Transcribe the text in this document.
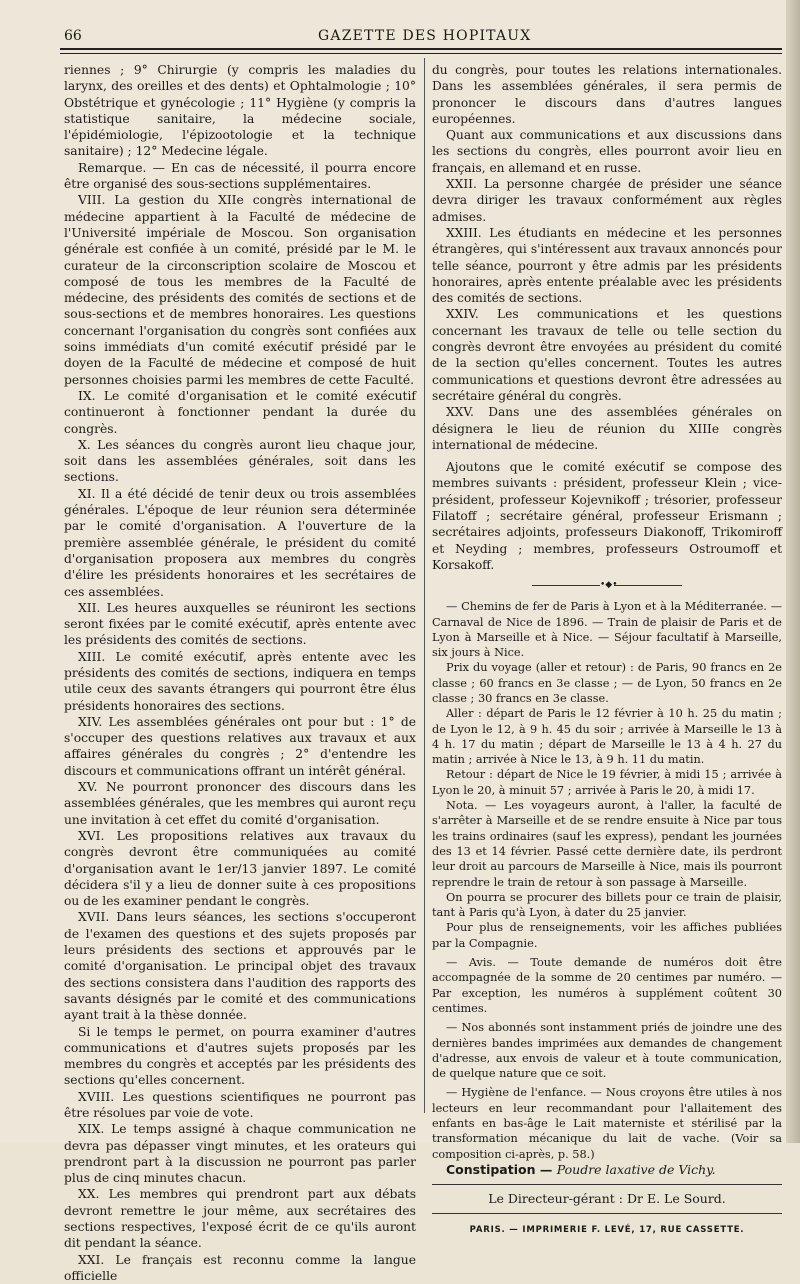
66	GAZETTE DES HOPITAUX

riennes ; 9° Chirurgie (y compris les maladies du larynx, des oreilles et des dents) et Ophtalmologie ; 10° Obstétrique et gynécologie ; 11° Hygiène (y compris la statistique sanitaire, la médecine sociale, l'épidémiologie, l'épizootologie et la technique sanitaire) ; 12° Medecine légale.

Remarque. — En cas de nécessité, il pourra encore être organisé des sous-sections supplémentaires.

VIII. La gestion du XIIe congrès international de médecine appartient à la Faculté de médecine de l'Université impériale de Moscou. Son organisation générale est confiée à un comité, présidé par le M. le curateur de la circonscription scolaire de Moscou et composé de tous les membres de la Faculté de médecine, des présidents des comités de sections et de sous-sections et de membres honoraires. Les questions concernant l'organisation du congrès sont confiées aux soins immédiats d'un comité exécutif présidé par le doyen de la Faculté de médecine et composé de huit personnes choisies parmi les membres de cette Faculté.

IX. Le comité d'organisation et le comité exécutif continueront à fonctionner pendant la durée du congrès.

X. Les séances du congrès auront lieu chaque jour, soit dans les assemblées générales, soit dans les sections.

XI. Il a été décidé de tenir deux ou trois assemblées générales. L'époque de leur réunion sera déterminée par le comité d'organisation. A l'ouverture de la première assemblée générale, le président du comité d'organisation proposera aux membres du congrès d'élire les présidents honoraires et les secrétaires de ces assemblées.

XII. Les heures auxquelles se réuniront les sections seront fixées par le comité exécutif, après entente avec les présidents des comités de sections.

XIII. Le comité exécutif, après entente avec les présidents des comités de sections, indiquera en temps utile ceux des savants étrangers qui pourront être élus présidents honoraires des sections.

XIV. Les assemblées générales ont pour but : 1° de s'occuper des questions relatives aux travaux et aux affaires générales du congrès ; 2° d'entendre les discours et communications offrant un intérêt général.

XV. Ne pourront prononcer des discours dans les assemblées générales, que les membres qui auront reçu une invitation à cet effet du comité d'organisation.

XVI. Les propositions relatives aux travaux du congrès devront être communiquées au comité d'organisation avant le 1er/13 janvier 1897. Le comité décidera s'il y a lieu de donner suite à ces propositions ou de les examiner pendant le congrès.

XVII. Dans leurs séances, les sections s'occuperont de l'examen des questions et des sujets proposés par leurs présidents des sections et approuvés par le comité d'organisation. Le principal objet des travaux des sections consistera dans l'audition des rapports des savants désignés par le comité et des communications ayant trait à la thèse donnée.

Si le temps le permet, on pourra examiner d'autres communications et d'autres sujets proposés par les membres du congrès et acceptés par les présidents des sections qu'elles concernent.

XVIII. Les questions scientifiques ne pourront pas être résolues par voie de vote.

XIX. Le temps assigné à chaque communication ne devra pas dépasser vingt minutes, et les orateurs qui prendront part à la discussion ne pourront pas parler plus de cinq minutes chacun.

XX. Les membres qui prendront part aux débats devront remettre le jour même, aux secrétaires des sections respectives, l'exposé écrit de ce qu'ils auront dit pendant la séance.

XXI. Le français est reconnu comme la langue officielle

du congrès, pour toutes les relations internationales. Dans les assemblées générales, il sera permis de prononcer le discours dans d'autres langues européennes.

Quant aux communications et aux discussions dans les sections du congrès, elles pourront avoir lieu en français, en allemand et en russe.

XXII. La personne chargée de présider une séance devra diriger les travaux conformément aux règles admises.

XXIII. Les étudiants en médecine et les personnes étrangères, qui s'intéressent aux travaux annoncés pour telle séance, pourront y être admis par les présidents honoraires, après entente préalable avec les présidents des comités de sections.

XXIV. Les communications et les questions concernant les travaux de telle ou telle section du congrès devront être envoyées au président du comité de la section qu'elles concernent. Toutes les autres communications et questions devront être adressées au secrétaire général du congrès.

XXV. Dans une des assemblées générales on désignera le lieu de réunion du XIIIe congrès international de médecine.

Ajoutons que le comité exécutif se compose des membres suivants : président, professeur Klein ; vice-président, professeur Kojevnikoff ; trésorier, professeur Filatoff ; secrétaire général, professeur Erismann ; secrétaires adjoints, professeurs Diakonoff, Trikomiroff et Neyding ; membres, professeurs Ostroumoff et Korsakoff.

•◆•

— Chemins de fer de Paris à Lyon et à la Méditerranée. — Carnaval de Nice de 1896. — Train de plaisir de Paris et de Lyon à Marseille et à Nice. — Séjour facultatif à Marseille, six jours à Nice.

Prix du voyage (aller et retour) : de Paris, 90 francs en 2e classe ; 60 francs en 3e classe ; — de Lyon, 50 francs en 2e classe ; 30 francs en 3e classe.

Aller : départ de Paris le 12 février à 10 h. 25 du matin ; de Lyon le 12, à 9 h. 45 du soir ; arrivée à Marseille le 13 à 4 h. 17 du matin ; départ de Marseille le 13 à 4 h. 27 du matin ; arrivée à Nice le 13, à 9 h. 11 du matin.

Retour : départ de Nice le 19 février, à midi 15 ; arrivée à Lyon le 20, à minuit 57 ; arrivée à Paris le 20, à midi 17.

Nota. — Les voyageurs auront, à l'aller, la faculté de s'arrêter à Marseille et de se rendre ensuite à Nice par tous les trains ordinaires (sauf les express), pendant les journées des 13 et 14 février. Passé cette dernière date, ils perdront leur droit au parcours de Marseille à Nice, mais ils pourront reprendre le train de retour à son passage à Marseille.

On pourra se procurer des billets pour ce train de plaisir, tant à Paris qu'à Lyon, à dater du 25 janvier.

Pour plus de renseignements, voir les affiches publiées par la Compagnie.

— Avis. — Toute demande de numéros doit être accompagnée de la somme de 20 centimes par numéro. — Par exception, les numéros à supplément coûtent 30 centimes.

— Nos abonnés sont instamment priés de joindre une des dernières bandes imprimées aux demandes de changement d'adresse, aux envois de valeur et à toute communication, de quelque nature que ce soit.

— Hygiène de l'enfance. — Nous croyons être utiles à nos lecteurs en leur recommandant pour l'allaitement des enfants en bas-âge le Lait materniste et stérilisé par la transformation mécanique du lait de vache. (Voir sa composition ci-après, p. 58.)

Constipation — Poudre laxative de Vichy.

Le Directeur-gérant : Dr E. Le Sourd.
PARIS. — IMPRIMERIE F. LEVÉ, 17, RUE CASSETTE.
